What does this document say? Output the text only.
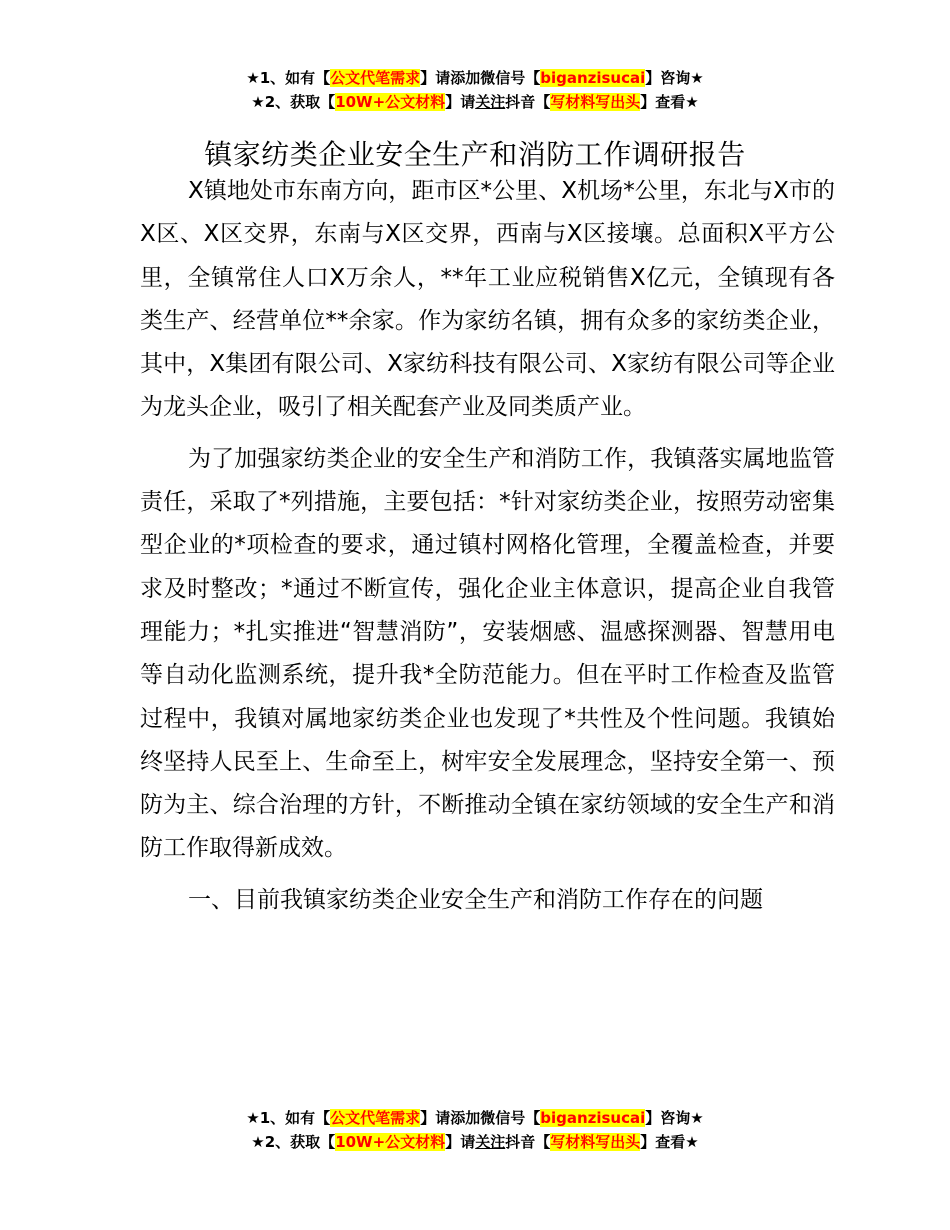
★1、如有【公文代笔需求】请添加微信号【biganzisucai】咨询★
★2、获取【10W+公文材料】请关注抖音【写材料写出头】查看★
镇家纺类企业安全生产和消防工作调研报告

X镇地处市东南方向，距市区*公里、X机场*公里，东北与X市的X区、X区交界，东南与X区交界，西南与X区接壤。总面积X平方公里，全镇常住人口X万余人，**年工业应税销售X亿元，全镇现有各类生产、经营单位**余家。作为家纺名镇，拥有众多的家纺类企业，其中，X集团有限公司、X家纺科技有限公司、X家纺有限公司等企业为龙头企业，吸引了相关配套产业及同类质产业。

为了加强家纺类企业的安全生产和消防工作，我镇落实属地监管责任，采取了*列措施，主要包括：*针对家纺类企业，按照劳动密集型企业的*项检查的要求，通过镇村网格化管理，全覆盖检查，并要求及时整改；*通过不断宣传，强化企业主体意识，提高企业自我管理能力；*扎实推进“智慧消防”，安装烟感、温感探测器、智慧用电等自动化监测系统，提升我*全防范能力。但在平时工作检查及监管过程中，我镇对属地家纺类企业也发现了*共性及个性问题。我镇始终坚持人民至上、生命至上，树牢安全发展理念，坚持安全第一、预防为主、综合治理的方针，不断推动全镇在家纺领域的安全生产和消防工作取得新成效。

一、目前我镇家纺类企业安全生产和消防工作存在的问题

★1、如有【公文代笔需求】请添加微信号【biganzisucai】咨询★
★2、获取【10W+公文材料】请关注抖音【写材料写出头】查看★
